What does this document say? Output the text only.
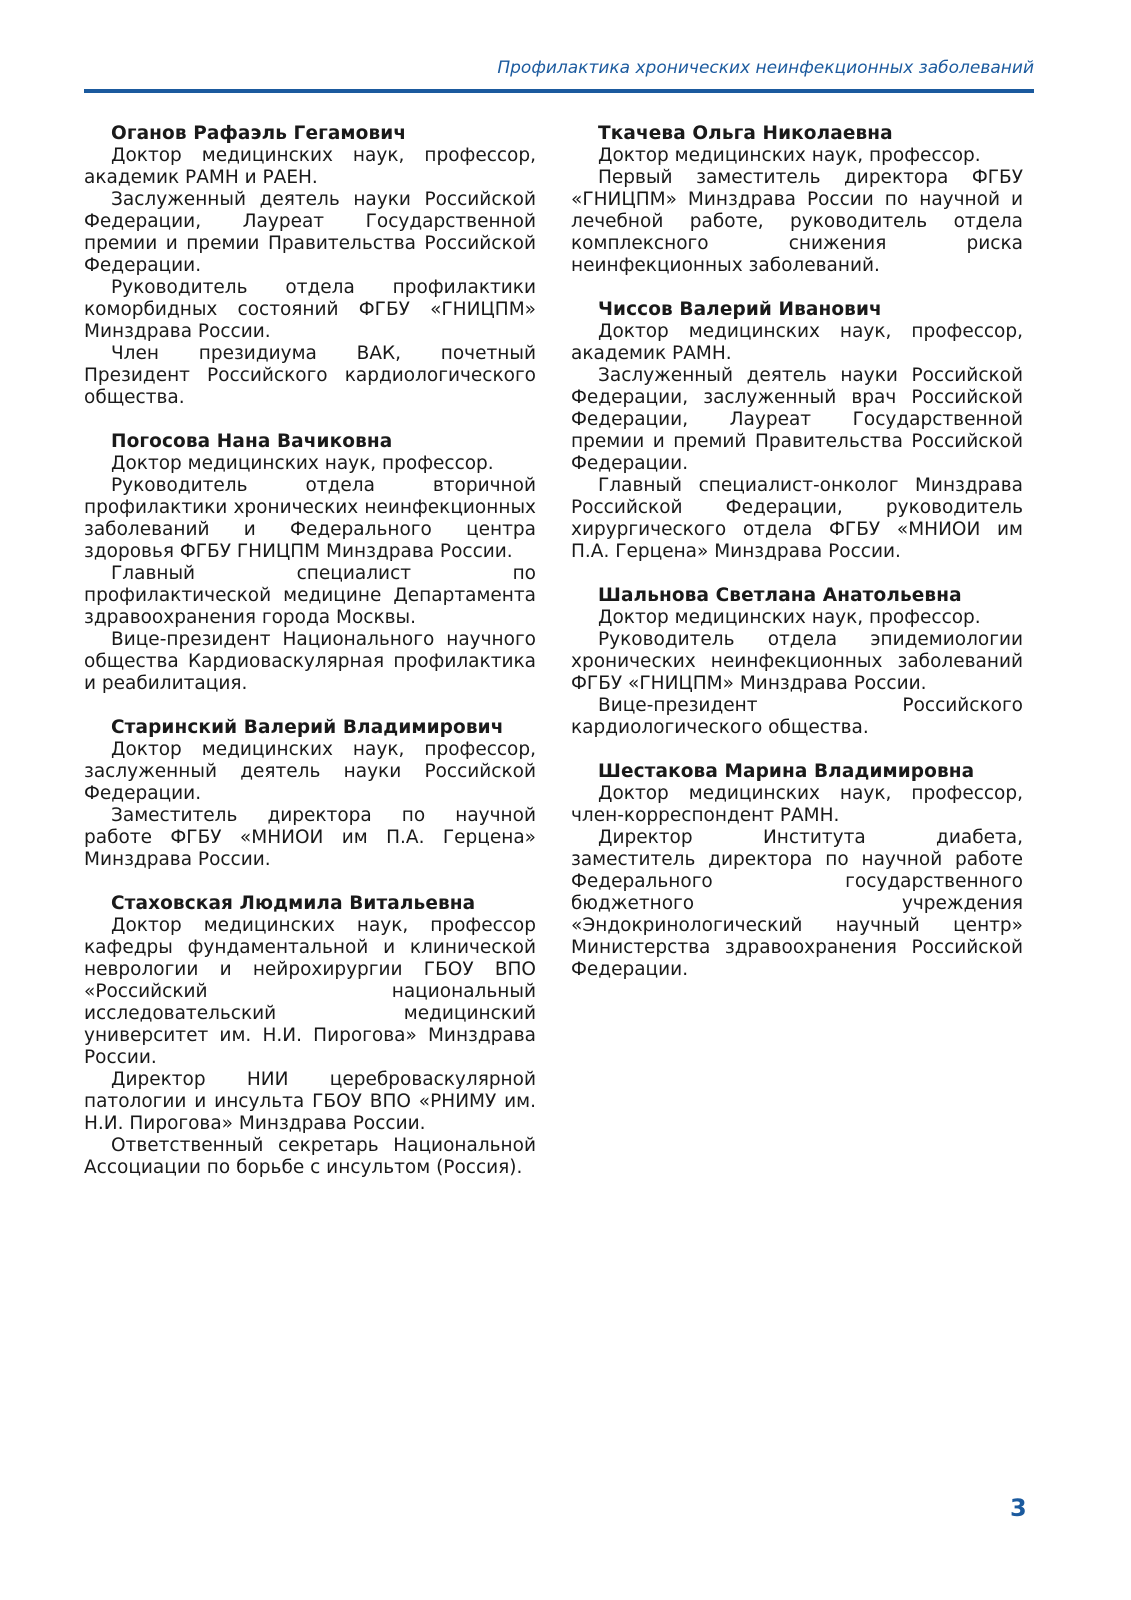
Профилактика хронических неинфекционных заболеваний
Оганов Рафаэль Гегамович

Доктор медицинских наук, профессор, академик РАМН и РАЕН.

Заслуженный деятель науки Российской Федерации, Лауреат Государственной премии и премии Правительства Российской Федерации.

Руководитель отдела профилактики коморбидных состояний ФГБУ «ГНИЦПМ» Минздрава России.

Член президиума ВАК, почетный Президент Российского кардиологического общества.

Погосова Нана Вачиковна

Доктор медицинских наук, профессор.

Руководитель отдела вторичной профилактики хронических неинфекционных заболеваний и Федерального центра здоровья ФГБУ ГНИЦПМ Минздрава России.

Главный специалист по профилактической медицине Департамента здравоохранения города Москвы.

Вице-президент Национального научного общества Кардиоваскулярная профилактика и реабилитация.

Старинский Валерий Владимирович

Доктор медицинских наук, профессор, заслуженный деятель науки Российской Федерации.

Заместитель директора по научной работе ФГБУ «МНИОИ им П.А. Герцена» Минздрава России.

Стаховская Людмила Витальевна

Доктор медицинских наук, профессор кафедры фундаментальной и клинической неврологии и нейрохирургии ГБОУ ВПО «Российский национальный исследовательский медицинский университет им. Н.И. Пирогова» Минздрава России.

Директор НИИ цереброваскулярной патологии и инсульта ГБОУ ВПО «РНИМУ им. Н.И. Пирогова» Минздрава России.

Ответственный секретарь Национальной Ассоциации по борьбе с инсультом (Россия).

Ткачева Ольга Николаевна

Доктор медицинских наук, профессор.

Первый заместитель директора ФГБУ «ГНИЦПМ» Минздрава России по научной и лечебной работе, руководитель отдела комплексного снижения риска неинфекционных заболеваний.

Чиссов Валерий Иванович

Доктор медицинских наук, профессор, академик РАМН.

Заслуженный деятель науки Российской Федерации, заслуженный врач Российской Федерации, Лауреат Государственной премии и премий Правительства Российской Федерации.

Главный специалист-онколог Минздрава Российской Федерации, руководитель хирургического отдела ФГБУ «МНИОИ им П.А. Герцена» Минздрава России.

Шальнова Светлана Анатольевна

Доктор медицинских наук, профессор.

Руководитель отдела эпидемиологии хронических неинфекционных заболеваний ФГБУ «ГНИЦПМ» Минздрава России.

Вице-президент Российского кардиологического общества.

Шестакова Марина Владимировна

Доктор медицинских наук, профессор, член-корреспондент РАМН.

Директор Института диабета, заместитель директора по научной работе Федерального государственного бюджетного учреждения «Эндокринологический научный центр» Министерства здравоохранения Российской Федерации.

3
